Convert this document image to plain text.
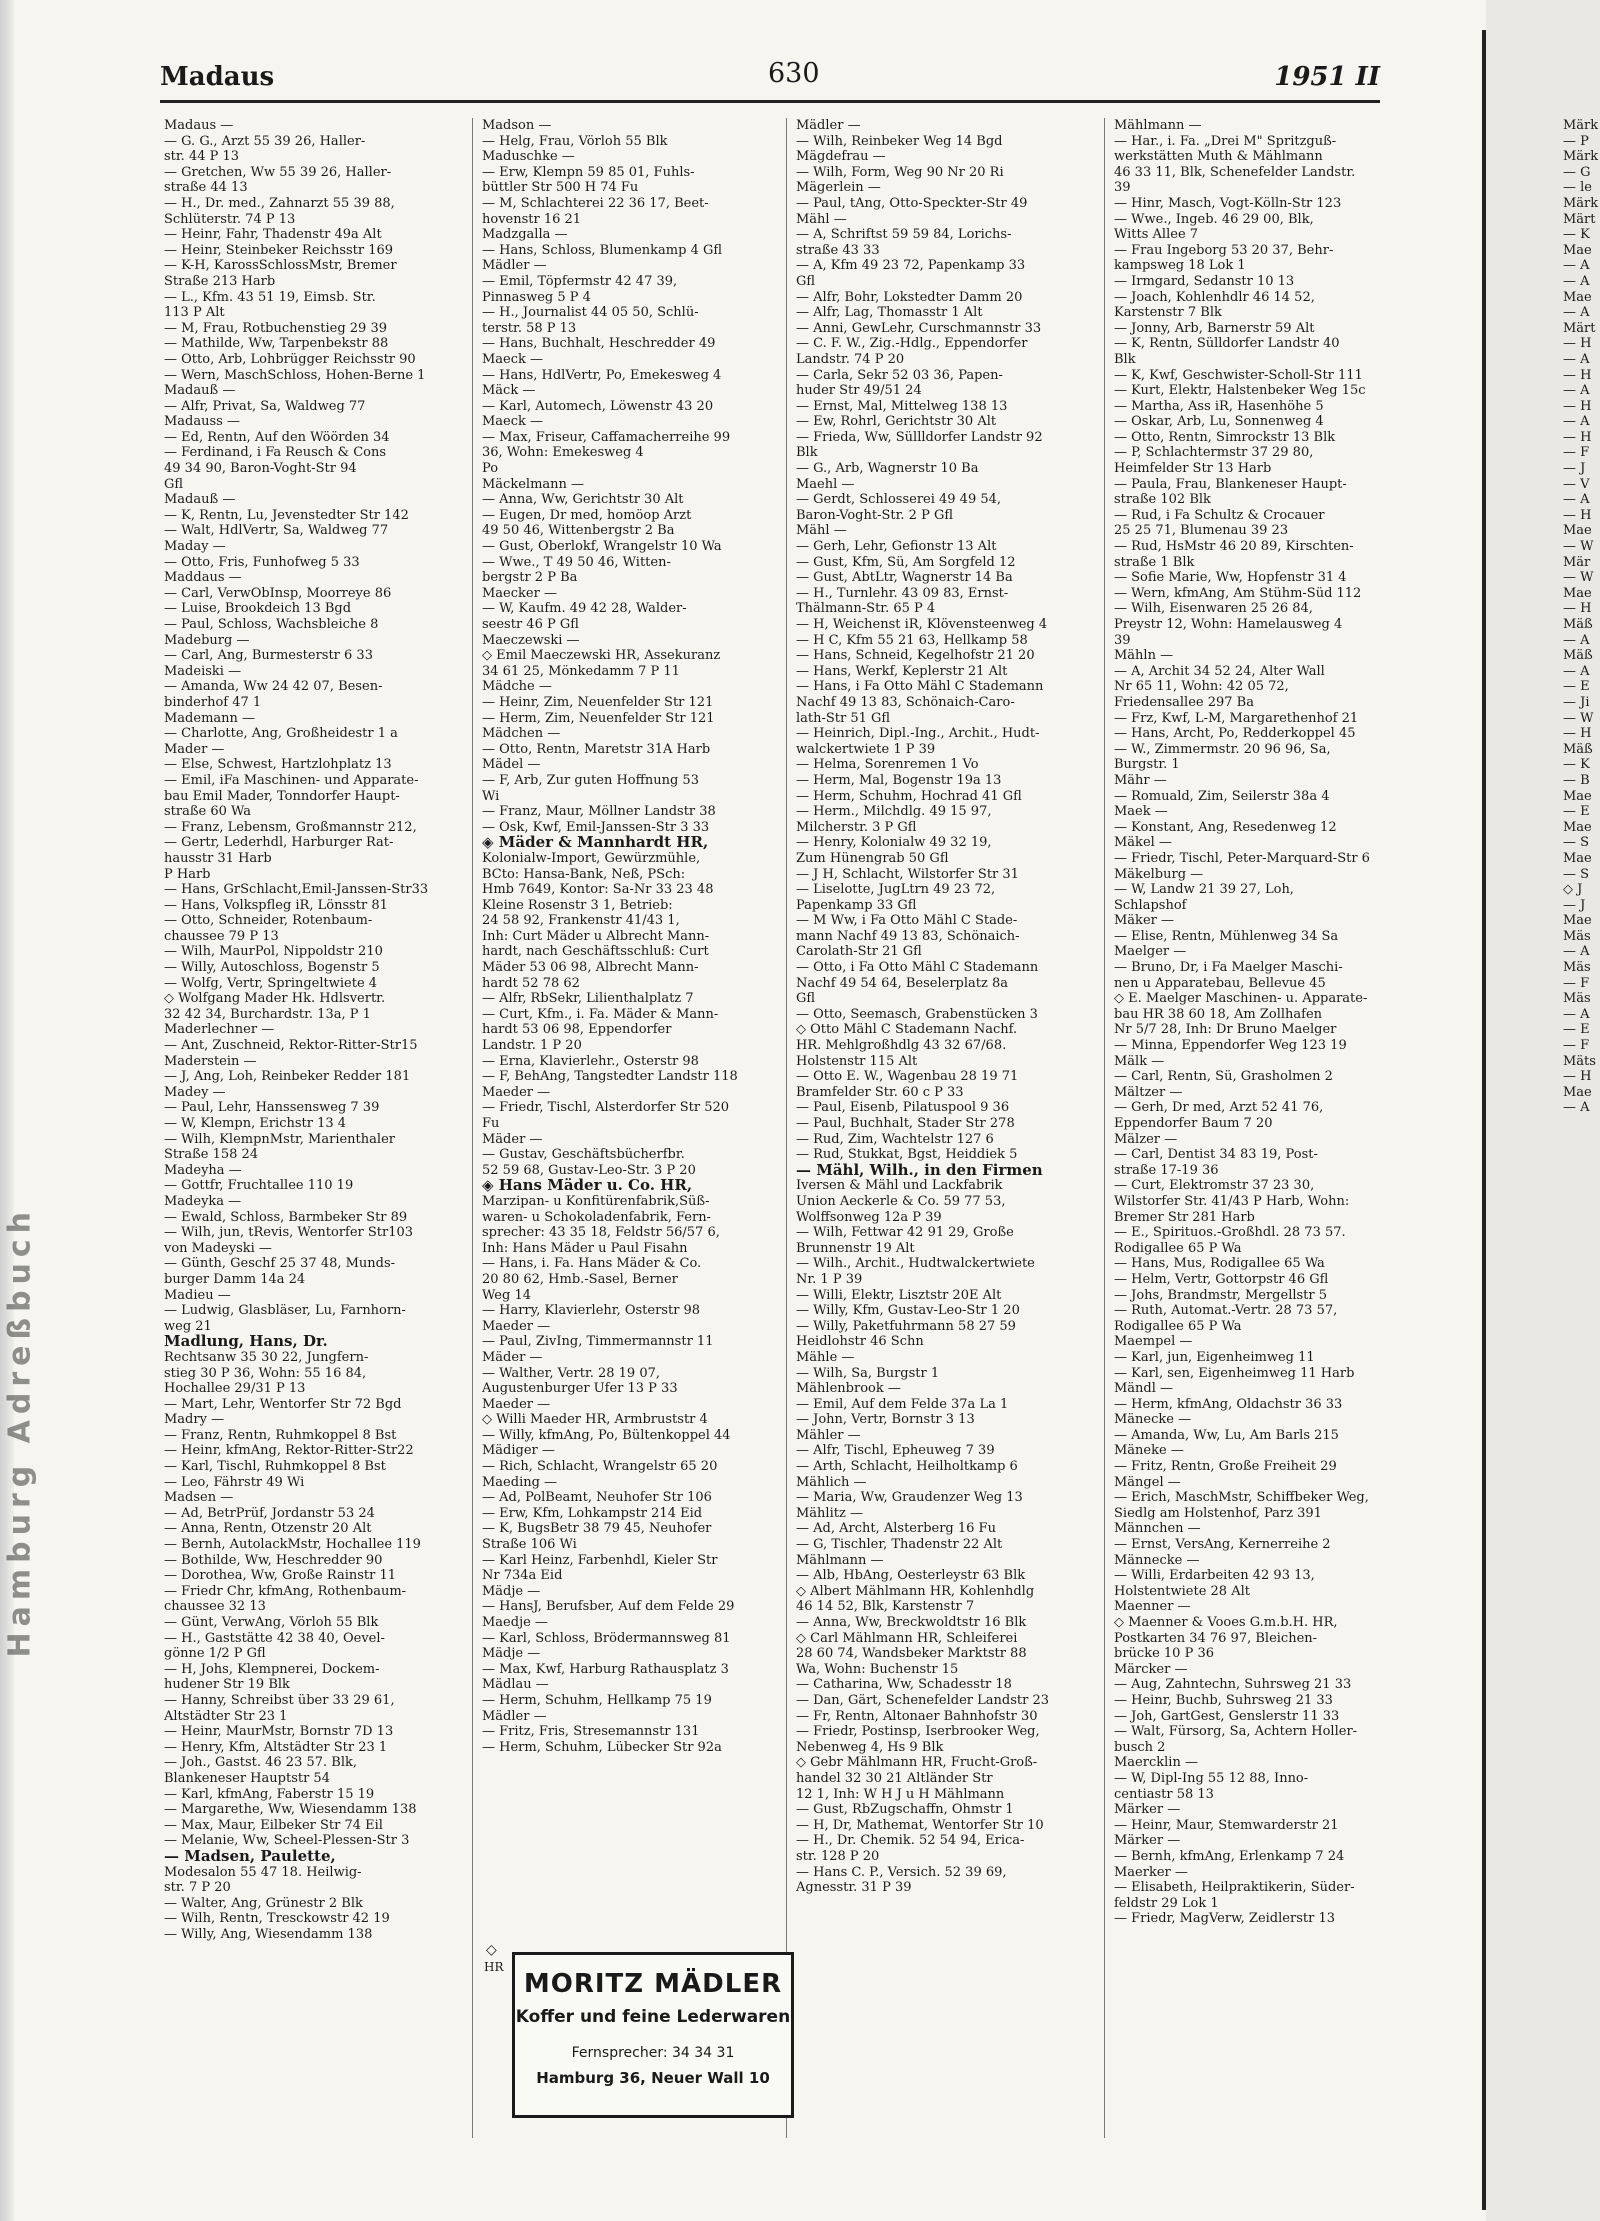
Hamburg Adreßbuch
Madaus	630	1951 II
Madaus —
— G. G., Arzt 55 39 26, Haller-
str. 44 P 13
— Gretchen, Ww 55 39 26, Haller-
straße 44 13
— H., Dr. med., Zahnarzt 55 39 88,
Schlüterstr. 74 P 13
— Heinr, Fahr, Thadenstr 49a Alt
— Heinr, Steinbeker Reichsstr 169
— K-H, KarossSchlossMstr, Bremer
Straße 213 Harb
— L., Kfm. 43 51 19, Eimsb. Str.
113 P Alt
— M, Frau, Rotbuchenstieg 29 39
— Mathilde, Ww, Tarpenbekstr 88
— Otto, Arb, Lohbrügger Reichsstr 90
— Wern, MaschSchloss, Hohen-Berne 1
Madauß —
— Alfr, Privat, Sa, Waldweg 77
Madauss —
— Ed, Rentn, Auf den Wöörden 34
— Ferdinand, i Fa Reusch & Cons
49 34 90, Baron-Voght-Str 94
Gfl
Madauß —
— K, Rentn, Lu, Jevenstedter Str 142
— Walt, HdlVertr, Sa, Waldweg 77
Maday —
— Otto, Fris, Funhofweg 5 33
Maddaus —
— Carl, VerwObInsp, Moorreye 86
— Luise, Brookdeich 13 Bgd
— Paul, Schloss, Wachsbleiche 8
Madeburg —
— Carl, Ang, Burmesterstr 6 33
Madeiski —
— Amanda, Ww 24 42 07, Besen-
binderhof 47 1
Mademann —
— Charlotte, Ang, Großheidestr 1 a
Mader —
— Else, Schwest, Hartzlohplatz 13
— Emil, iFa Maschinen- und Apparate-
bau Emil Mader, Tonndorfer Haupt-
straße 60 Wa
— Franz, Lebensm, Großmannstr 212,
— Gertr, Lederhdl, Harburger Rat-
hausstr 31 Harb
P Harb
— Hans, GrSchlacht,Emil-Janssen-Str33
— Hans, Volkspfleg iR, Lönsstr 81
— Otto, Schneider, Rotenbaum-
chaussee 79 P 13
— Wilh, MaurPol, Nippoldstr 210
— Willy, Autoschloss, Bogenstr 5
— Wolfg, Vertr, Springeltwiete 4
◇ Wolfgang Mader Hk. Hdlsvertr.
32 42 34, Burchardstr. 13a, P 1
Maderlechner —
— Ant, Zuschneid, Rektor-Ritter-Str15
Maderstein —
— J, Ang, Loh, Reinbeker Redder 181
Madey —
— Paul, Lehr, Hanssensweg 7 39
— W, Klempn, Erichstr 13 4
— Wilh, KlempnMstr, Marienthaler
Straße 158 24
Madeyha —
— Gottfr, Fruchtallee 110 19
Madeyka —
— Ewald, Schloss, Barmbeker Str 89
— Wilh, jun, tRevis, Wentorfer Str103
von Madeyski —
— Günth, Geschf 25 37 48, Munds-
burger Damm 14a 24
Madieu —
— Ludwig, Glasbläser, Lu, Farnhorn-
weg 21
Madlung, Hans, Dr.
Rechtsanw 35 30 22, Jungfern-
stieg 30 P 36, Wohn: 55 16 84,
Hochallee 29/31 P 13
— Mart, Lehr, Wentorfer Str 72 Bgd
Madry —
— Franz, Rentn, Ruhmkoppel 8 Bst
— Heinr, kfmAng, Rektor-Ritter-Str22
— Karl, Tischl, Ruhmkoppel 8 Bst
— Leo, Fährstr 49 Wi
Madsen —
— Ad, BetrPrüf, Jordanstr 53 24
— Anna, Rentn, Otzenstr 20 Alt
— Bernh, AutolackMstr, Hochallee 119
— Bothilde, Ww, Heschredder 90
— Dorothea, Ww, Große Rainstr 11
— Friedr Chr, kfmAng, Rothenbaum-
chaussee 32 13
— Günt, VerwAng, Vörloh 55 Blk
— H., Gaststätte 42 38 40, Oevel-
gönne 1/2 P Gfl
— H, Johs, Klempnerei, Dockem-
hudener Str 19 Blk
— Hanny, Schreibst über 33 29 61,
Altstädter Str 23 1
— Heinr, MaurMstr, Bornstr 7D 13
— Henry, Kfm, Altstädter Str 23 1
— Joh., Gastst. 46 23 57. Blk,
Blankeneser Hauptstr 54
— Karl, kfmAng, Faberstr 15 19
— Margarethe, Ww, Wiesendamm 138
— Max, Maur, Eilbeker Str 74 Eil
— Melanie, Ww, Scheel-Plessen-Str 3
— Madsen, Paulette,
Modesalon 55 47 18. Heilwig-
str. 7 P 20
— Walter, Ang, Grünestr 2 Blk
— Wilh, Rentn, Tresckowstr 42 19
— Willy, Ang, Wiesendamm 138
Madson —
— Helg, Frau, Vörloh 55 Blk
Maduschke —
— Erw, Klempn 59 85 01, Fuhls-
büttler Str 500 H 74 Fu
— M, Schlachterei 22 36 17, Beet-
hovenstr 16 21
Madzgalla —
— Hans, Schloss, Blumenkamp 4 Gfl
Mädler —
— Emil, Töpfermstr 42 47 39,
Pinnasweg 5 P 4
— H., Journalist 44 05 50, Schlü-
terstr. 58 P 13
— Hans, Buchhalt, Heschredder 49
Maeck —
— Hans, HdlVertr, Po, Emekesweg 4
Mäck —
— Karl, Automech, Löwenstr 43 20
Maeck —
— Max, Friseur, Caffamacherreihe 99
36, Wohn: Emekesweg 4
Po
Mäckelmann —
— Anna, Ww, Gerichtstr 30 Alt
— Eugen, Dr med, homöop Arzt
49 50 46, Wittenbergstr 2 Ba
— Gust, Oberlokf, Wrangelstr 10 Wa
— Wwe., T 49 50 46, Witten-
bergstr 2 P Ba
Maecker —
— W, Kaufm. 49 42 28, Walder-
seestr 46 P Gfl
Maeczewski —
◇ Emil Maeczewski HR, Assekuranz
34 61 25, Mönkedamm 7 P 11
Mädche —
— Heinr, Zim, Neuenfelder Str 121
— Herm, Zim, Neuenfelder Str 121
Mädchen —
— Otto, Rentn, Maretstr 31A Harb
Mädel —
— F, Arb, Zur guten Hoffnung 53
Wi
— Franz, Maur, Möllner Landstr 38
— Osk, Kwf, Emil-Janssen-Str 3 33
◈ Mäder & Mannhardt HR,
Kolonialw-Import, Gewürzmühle,
BCto: Hansa-Bank, Neß, PSch:
Hmb 7649, Kontor: Sa-Nr 33 23 48
Kleine Rosenstr 3 1, Betrieb:
24 58 92, Frankenstr 41/43 1,
Inh: Curt Mäder u Albrecht Mann-
hardt, nach Geschäftsschluß: Curt
Mäder 53 06 98, Albrecht Mann-
hardt 52 78 62
— Alfr, RbSekr, Lilienthalplatz 7
— Curt, Kfm., i. Fa. Mäder & Mann-
hardt 53 06 98, Eppendorfer
Landstr. 1 P 20
— Erna, Klavierlehr., Osterstr 98
— F, BehAng, Tangstedter Landstr 118
Maeder —
— Friedr, Tischl, Alsterdorfer Str 520
Fu
Mäder —
— Gustav, Geschäftsbücherfbr.
52 59 68, Gustav-Leo-Str. 3 P 20
◈ Hans Mäder u. Co. HR,
Marzipan- u Konfitürenfabrik,Süß-
waren- u Schokoladenfabrik, Fern-
sprecher: 43 35 18, Feldstr 56/57 6,
Inh: Hans Mäder u Paul Fisahn
— Hans, i. Fa. Hans Mäder & Co.
20 80 62, Hmb.-Sasel, Berner
Weg 14
— Harry, Klavierlehr, Osterstr 98
Maeder —
— Paul, ZivIng, Timmermannstr 11
Mäder —
— Walther, Vertr. 28 19 07,
Augustenburger Ufer 13 P 33
Maeder —
◇ Willi Maeder HR, Armbruststr 4
— Willy, kfmAng, Po, Bültenkoppel 44
Mädiger —
— Rich, Schlacht, Wrangelstr 65 20
Maeding —
— Ad, PolBeamt, Neuhofer Str 106
— Erw, Kfm, Lohkampstr 214 Eid
— K, BugsBetr 38 79 45, Neuhofer
Straße 106 Wi
— Karl Heinz, Farbenhdl, Kieler Str
Nr 734a Eid
Mädje —
— HansJ, Berufsber, Auf dem Felde 29
Maedje —
— Karl, Schloss, Brödermannsweg 81
Mädje —
— Max, Kwf, Harburg Rathausplatz 3
Mädlau —
— Herm, Schuhm, Hellkamp 75 19
Mädler —
— Fritz, Fris, Stresemannstr 131
— Herm, Schuhm, Lübecker Str 92a
Mädler —
— Wilh, Reinbeker Weg 14 Bgd
Mägdefrau —
— Wilh, Form, Weg 90 Nr 20 Ri
Mägerlein —
— Paul, tAng, Otto-Speckter-Str 49
Mähl —
— A, Schriftst 59 59 84, Lorichs-
straße 43 33
— A, Kfm 49 23 72, Papenkamp 33
Gfl
— Alfr, Bohr, Lokstedter Damm 20
— Alfr, Lag, Thomasstr 1 Alt
— Anni, GewLehr, Curschmannstr 33
— C. F. W., Zig.-Hdlg., Eppendorfer
Landstr. 74 P 20
— Carla, Sekr 52 03 36, Papen-
huder Str 49/51 24
— Ernst, Mal, Mittelweg 138 13
— Ew, Rohrl, Gerichtstr 30 Alt
— Frieda, Ww, Süllldorfer Landstr 92
Blk
— G., Arb, Wagnerstr 10 Ba
Maehl —
— Gerdt, Schlosserei 49 49 54,
Baron-Voght-Str. 2 P Gfl
Mähl —
— Gerh, Lehr, Gefionstr 13 Alt
— Gust, Kfm, Sü, Am Sorgfeld 12
— Gust, AbtLtr, Wagnerstr 14 Ba
— H., Turnlehr. 43 09 83, Ernst-
Thälmann-Str. 65 P 4
— H, Weichenst iR, Klövensteenweg 4
— H C, Kfm 55 21 63, Hellkamp 58
— Hans, Schneid, Kegelhofstr 21 20
— Hans, Werkf, Keplerstr 21 Alt
— Hans, i Fa Otto Mähl C Stademann
Nachf 49 13 83, Schönaich-Caro-
lath-Str 51 Gfl
— Heinrich, Dipl.-Ing., Archit., Hudt-
walckertwiete 1 P 39
— Helma, Sorenremen 1 Vo
— Herm, Mal, Bogenstr 19a 13
— Herm, Schuhm, Hochrad 41 Gfl
— Herm., Milchdlg. 49 15 97,
Milcherstr. 3 P Gfl
— Henry, Kolonialw 49 32 19,
Zum Hünengrab 50 Gfl
— J H, Schlacht, Wilstorfer Str 31
— Liselotte, JugLtrn 49 23 72,
Papenkamp 33 Gfl
— M Ww, i Fa Otto Mähl C Stade-
mann Nachf 49 13 83, Schönaich-
Carolath-Str 21 Gfl
— Otto, i Fa Otto Mähl C Stademann
Nachf 49 54 64, Beselerplatz 8a
Gfl
— Otto, Seemasch, Grabenstücken 3
◇ Otto Mähl C Stademann Nachf.
HR. Mehlgroßhdlg 43 32 67/68.
Holstenstr 115 Alt
— Otto E. W., Wagenbau 28 19 71
Bramfelder Str. 60 c P 33
— Paul, Eisenb, Pilatuspool 9 36
— Paul, Buchhalt, Stader Str 278
— Rud, Zim, Wachtelstr 127 6
— Rud, Stukkat, Bgst, Heiddiek 5
— Mähl, Wilh., in den Firmen
Iversen & Mähl und Lackfabrik
Union Aeckerle & Co. 59 77 53,
Wolffsonweg 12a P 39
— Wilh, Fettwar 42 91 29, Große
Brunnenstr 19 Alt
— Wilh., Archit., Hudtwalckertwiete
Nr. 1 P 39
— Willi, Elektr, Lisztstr 20E Alt
— Willy, Kfm, Gustav-Leo-Str 1 20
— Willy, Paketfuhrmann 58 27 59
Heidlohstr 46 Schn
Mähle —
— Wilh, Sa, Burgstr 1
Mählenbrook —
— Emil, Auf dem Felde 37a La 1
— John, Vertr, Bornstr 3 13
Mähler —
— Alfr, Tischl, Epheuweg 7 39
— Arth, Schlacht, Heilholtkamp 6
Mählich —
— Maria, Ww, Graudenzer Weg 13
Mählitz —
— Ad, Archt, Alsterberg 16 Fu
— G, Tischler, Thadenstr 22 Alt
Mählmann —
— Alb, HbAng, Oesterleystr 63 Blk
◇ Albert Mählmann HR, Kohlenhdlg
46 14 52, Blk, Karstenstr 7
— Anna, Ww, Breckwoldtstr 16 Blk
◇ Carl Mählmann HR, Schleiferei
28 60 74, Wandsbeker Marktstr 88
Wa, Wohn: Buchenstr 15
— Catharina, Ww, Schadesstr 18
— Dan, Gärt, Schenefelder Landstr 23
— Fr, Rentn, Altonaer Bahnhofstr 30
— Friedr, Postinsp, Iserbrooker Weg,
Nebenweg 4, Hs 9 Blk
◇ Gebr Mählmann HR, Frucht-Groß-
handel 32 30 21 Altländer Str
12 1, Inh: W H J u H Mählmann
— Gust, RbZugschaffn, Ohmstr 1
— H, Dr, Mathemat, Wentorfer Str 10
— H., Dr. Chemik. 52 54 94, Erica-
str. 128 P 20
— Hans C. P., Versich. 52 39 69,
Agnesstr. 31 P 39
Mählmann —
— Har., i. Fa. „Drei M" Spritzguß-
werkstätten Muth & Mählmann
46 33 11, Blk, Schenefelder Landstr.
39
— Hinr, Masch, Vogt-Kölln-Str 123
— Wwe., Ingeb. 46 29 00, Blk,
Witts Allee 7
— Frau Ingeborg 53 20 37, Behr-
kampsweg 18 Lok 1
— Irmgard, Sedanstr 10 13
— Joach, Kohlenhdlr 46 14 52,
Karstenstr 7 Blk
— Jonny, Arb, Barnerstr 59 Alt
— K, Rentn, Sülldorfer Landstr 40
Blk
— K, Kwf, Geschwister-Scholl-Str 111
— Kurt, Elektr, Halstenbeker Weg 15c
— Martha, Ass iR, Hasenhöhe 5
— Oskar, Arb, Lu, Sonnenweg 4
— Otto, Rentn, Simrockstr 13 Blk
— P, Schlachtermstr 37 29 80,
Heimfelder Str 13 Harb
— Paula, Frau, Blankeneser Haupt-
straße 102 Blk
— Rud, i Fa Schultz & Crocauer
25 25 71, Blumenau 39 23
— Rud, HsMstr 46 20 89, Kirschten-
straße 1 Blk
— Sofie Marie, Ww, Hopfenstr 31 4
— Wern, kfmAng, Am Stühm-Süd 112
— Wilh, Eisenwaren 25 26 84,
Preystr 12, Wohn: Hamelausweg 4
39
Mähln —
— A, Archit 34 52 24, Alter Wall
Nr 65 11, Wohn: 42 05 72,
Friedensallee 297 Ba
— Frz, Kwf, L-M, Margarethenhof 21
— Hans, Archt, Po, Redderkoppel 45
— W., Zimmermstr. 20 96 96, Sa,
Burgstr. 1
Mähr —
— Romuald, Zim, Seilerstr 38a 4
Maek —
— Konstant, Ang, Resedenweg 12
Mäkel —
— Friedr, Tischl, Peter-Marquard-Str 6
Mäkelburg —
— W, Landw 21 39 27, Loh,
Schlapshof
Mäker —
— Elise, Rentn, Mühlenweg 34 Sa
Maelger —
— Bruno, Dr, i Fa Maelger Maschi-
nen u Apparatebau, Bellevue 45
◇ E. Maelger Maschinen- u. Apparate-
bau HR 38 60 18, Am Zollhafen
Nr 5/7 28, Inh: Dr Bruno Maelger
— Minna, Eppendorfer Weg 123 19
Mälk —
— Carl, Rentn, Sü, Grasholmen 2
Mältzer —
— Gerh, Dr med, Arzt 52 41 76,
Eppendorfer Baum 7 20
Mälzer —
— Carl, Dentist 34 83 19, Post-
straße 17-19 36
— Curt, Elektromstr 37 23 30,
Wilstorfer Str. 41/43 P Harb, Wohn:
Bremer Str 281 Harb
— E., Spirituos.-Großhdl. 28 73 57.
Rodigallee 65 P Wa
— Hans, Mus, Rodigallee 65 Wa
— Helm, Vertr, Gottorpstr 46 Gfl
— Johs, Brandmstr, Mergellstr 5
— Ruth, Automat.-Vertr. 28 73 57,
Rodigallee 65 P Wa
Maempel —
— Karl, jun, Eigenheimweg 11
— Karl, sen, Eigenheimweg 11 Harb
Mändl —
— Herm, kfmAng, Oldachstr 36 33
Mänecke —
— Amanda, Ww, Lu, Am Barls 215
Mäneke —
— Fritz, Rentn, Große Freiheit 29
Mängel —
— Erich, MaschMstr, Schiffbeker Weg,
Siedlg am Holstenhof, Parz 391
Männchen —
— Ernst, VersAng, Kernerreihe 2
Männecke —
— Willi, Erdarbeiten 42 93 13,
Holstentwiete 28 Alt
Maenner —
◇ Maenner & Vooes G.m.b.H. HR,
Postkarten 34 76 97, Bleichen-
brücke 10 P 36
Märcker —
— Aug, Zahntechn, Suhrsweg 21 33
— Heinr, Buchb, Suhrsweg 21 33
— Joh, GartGest, Genslerstr 11 33
— Walt, Fürsorg, Sa, Achtern Holler-
busch 2
Maercklin —
— W, Dipl-Ing 55 12 88, Inno-
centiastr 58 13
Märker —
— Heinr, Maur, Stemwarderstr 21
Märker —
— Bernh, kfmAng, Erlenkamp 7 24
Maerker —
— Elisabeth, Heilpraktikerin, Süder-
feldstr 29 Lok 1
— Friedr, MagVerw, Zeidlerstr 13
◇
HR
MORITZ MÄDLER
Koffer und feine Lederwaren
Fernsprecher: 34 34 31
Hamburg 36, Neuer Wall 10
Märk
— P
Märk
— G
— le
Märk
Märt
— K
Mae
— A
— A
Mae
— A
Märt
— H
— A
— H
— A
— H
— A
— H
— F
— J
— V
— A
— H
Mae
— W
Mär
— W
Mae
— H
Mäß
— A
Mäß
— A
— E
— Ji
— W
— H
Mäß
— K
— B
Mae
— E
Mae
— S
Mae
— S
◇ J
— J
Mae
Mäs
— A
Mäs
— F
Mäs
— A
— E
— F
Mäts
— H
Mae
— A
